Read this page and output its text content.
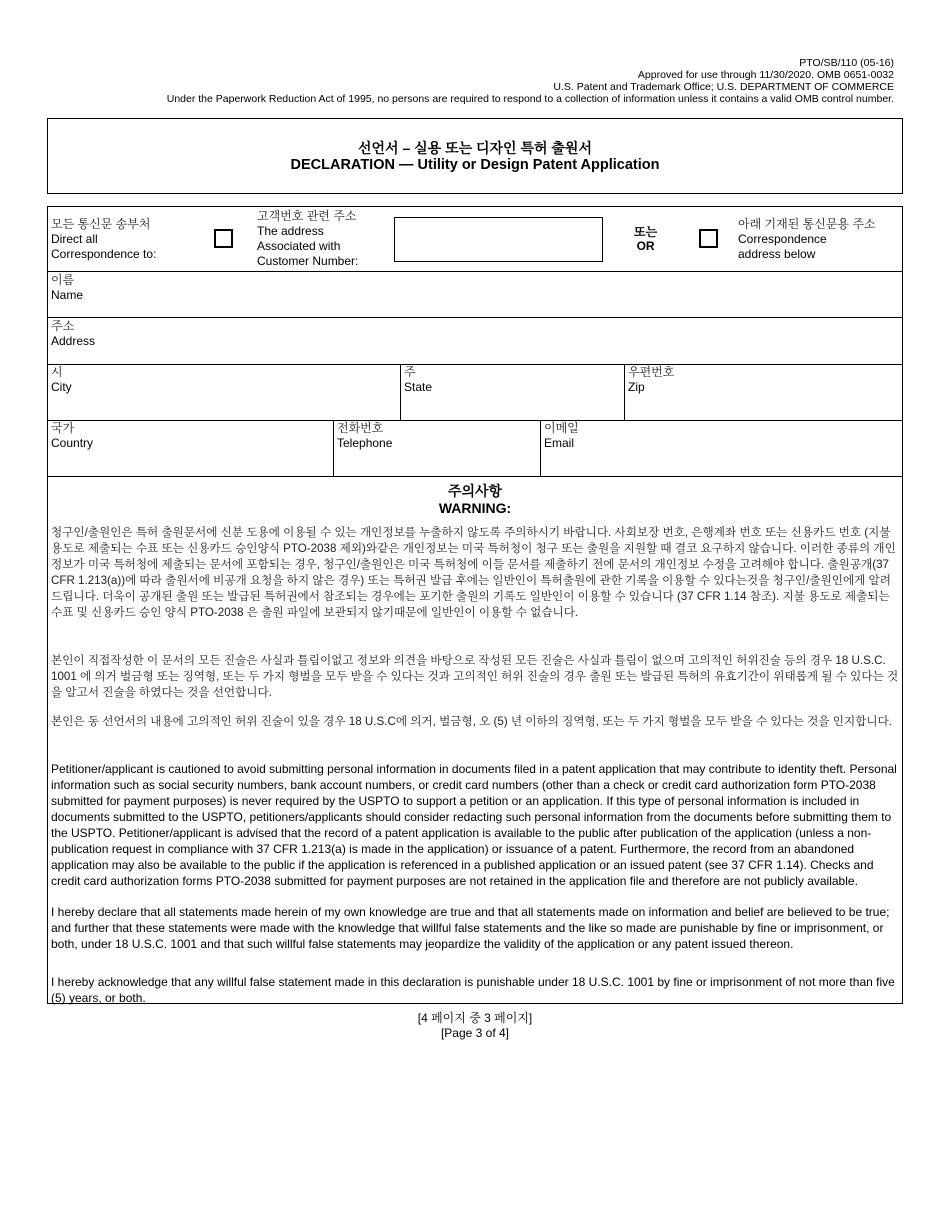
PTO/SB/110 (05-16)
Approved for use through 11/30/2020. OMB 0651-0032
U.S. Patent and Trademark Office; U.S. DEPARTMENT OF COMMERCE
Under the Paperwork Reduction Act of 1995, no persons are required to respond to a collection of information unless it contains a valid OMB control number.
선언서 – 실용 또는 디자인 특허 출원서
DECLARATION — Utility or Design Patent Application
모든 통신문 송부처
Direct all
Correspondence to:
고객번호 관련 주소
The address
Associated with
Customer Number:
또는
OR
아래 기재된 통신문용 주소
Correspondence
address below
이름
Name
주소
Address
시
City
주
State
우편번호
Zip
국가
Country
전화번호
Telephone
이메일
Email
주의사항
WARNING:
청구인/출원인은 특허 출원문서에 신분 도용에 이용될 수 있는 개인정보를 누출하지 않도록 주의하시기 바랍니다. 사회보장 번호, 은행계좌 번호 또는 신용카드 번호 (지불용도로 제출되는 수표 또는 신용카드 승인양식 PTO-2038 제외)와같은 개인정보는 미국 특허청이 청구 또는 출원을 지원할 때 결코 요구하지 않습니다. 이러한 종류의 개인정보가 미국 특허청에 제출되는 문서에 포함되는 경우, 청구인/출원인은 미국 특허청에 이들 문서를 제출하기 전에 문서의 개인정보 수정을 고려해야 합니다. 출원공개(37 CFR 1.213(a))에 따라 출원서에 비공개 요청을 하지 않은 경우) 또는 특허권 발급 후에는 일반인이 특허출원에 관한 기록을 이용할 수 있다는것을 청구인/출원인에게 알려드립니다. 더욱이 공개된 출원 또는 발급된 특허권에서 참조되는 경우에는 포기한 출원의 기록도 일반인이 이용할 수 있습니다 (37 CFR 1.14 참조). 지불 용도로 제출되는 수표 및 신용카드 승인 양식 PTO-2038 은 출원 파일에 보관되지 않기때문에 일반인이 이용할 수 없습니다.
본인이 직접작성한 이 문서의 모든 진술은 사실과 틀림이없고 정보와 의견을 바탕으로 작성된 모든 진술은 사실과 틀림이 없으며 고의적인 허위진술 등의 경우 18 U.S.C. 1001 에 의거 벌금형 또는 징역형, 또는 두 가지 형벌을 모두 받을 수 있다는 것과 고의적인 허위 진술의 경우 출원 또는 발급된 특허의 유효기간이 위태롭게 될 수 있다는 것을 알고서 진술을 하였다는 것을 선언합니다.
본인은 동 선언서의 내용에 고의적인 허위 진술이 있을 경우 18 U.S.C에 의거, 벌금형, 오 (5) 년 이하의 징역형, 또는 두 가지 형벌을 모두 받을 수 있다는 것을 인지합니다.
Petitioner/applicant is cautioned to avoid submitting personal information in documents filed in a patent application that may contribute to identity theft. Personal information such as social security numbers, bank account numbers, or credit card numbers (other than a check or credit card authorization form PTO-2038 submitted for payment purposes) is never required by the USPTO to support a petition or an application. If this type of personal information is included in documents submitted to the USPTO, petitioners/applicants should consider redacting such personal information from the documents before submitting them to the USPTO. Petitioner/applicant is advised that the record of a patent application is available to the public after publication of the application (unless a non-publication request in compliance with 37 CFR 1.213(a) is made in the application) or issuance of a patent. Furthermore, the record from an abandoned application may also be available to the public if the application is referenced in a published application or an issued patent (see 37 CFR 1.14). Checks and credit card authorization forms PTO-2038 submitted for payment purposes are not retained in the application file and therefore are not publicly available.
I hereby declare that all statements made herein of my own knowledge are true and that all statements made on information and belief are believed to be true; and further that these statements were made with the knowledge that willful false statements and the like so made are punishable by fine or imprisonment, or both, under 18 U.S.C. 1001 and that such willful false statements may jeopardize the validity of the application or any patent issued thereon.
I hereby acknowledge that any willful false statement made in this declaration is punishable under 18 U.S.C. 1001 by fine or imprisonment of not more than five (5) years, or both.
[4 페이지 중 3 페이지]
[Page 3 of 4]
